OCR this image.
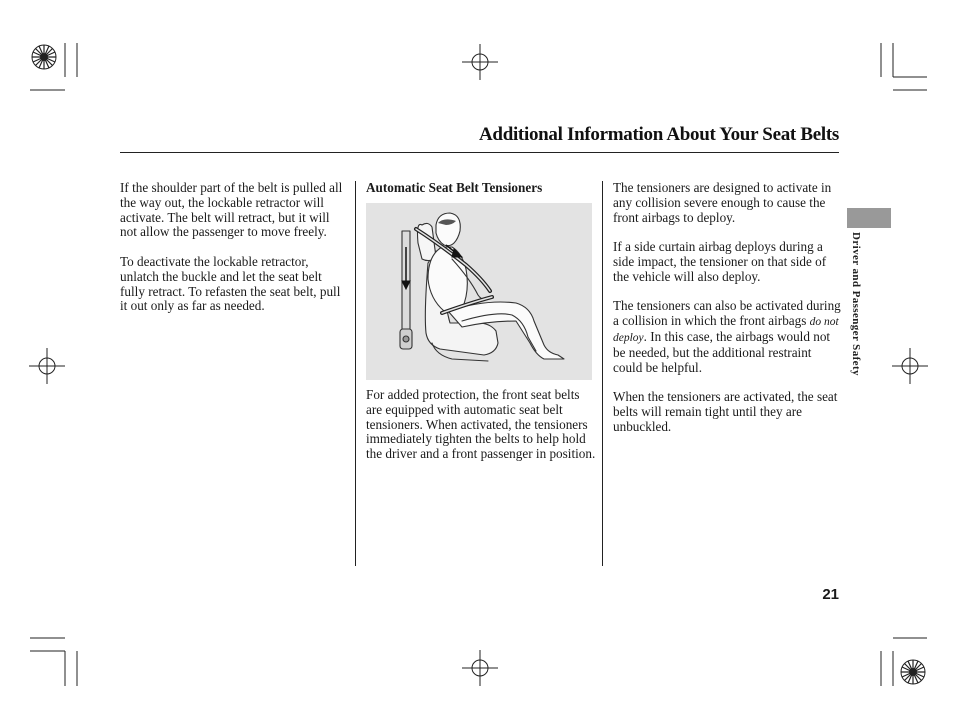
Additional Information About Your Seat Belts

If the shoulder part of the belt is pulled all the way out, the lockable retractor will activate. The belt will retract, but it will not allow the passenger to move freely.

To deactivate the lockable retractor, unlatch the buckle and let the seat belt fully retract. To refasten the seat belt, pull it out only as far as needed.

Automatic Seat Belt Tensioners

For added protection, the front seat belts are equipped with automatic seat belt tensioners. When activated, the tensioners immediately tighten the belts to help hold the driver and a front passenger in position.

The tensioners are designed to activate in any collision severe enough to cause the front airbags to deploy.

If a side curtain airbag deploys during a side impact, the tensioner on that side of the vehicle will also deploy.

The tensioners can also be activated during a collision in which the front airbags do not deploy. In this case, the airbags would not be needed, but the additional restraint could be helpful.

When the tensioners are activated, the seat belts will remain tight until they are unbuckled.

Driver and Passenger Safety
21
